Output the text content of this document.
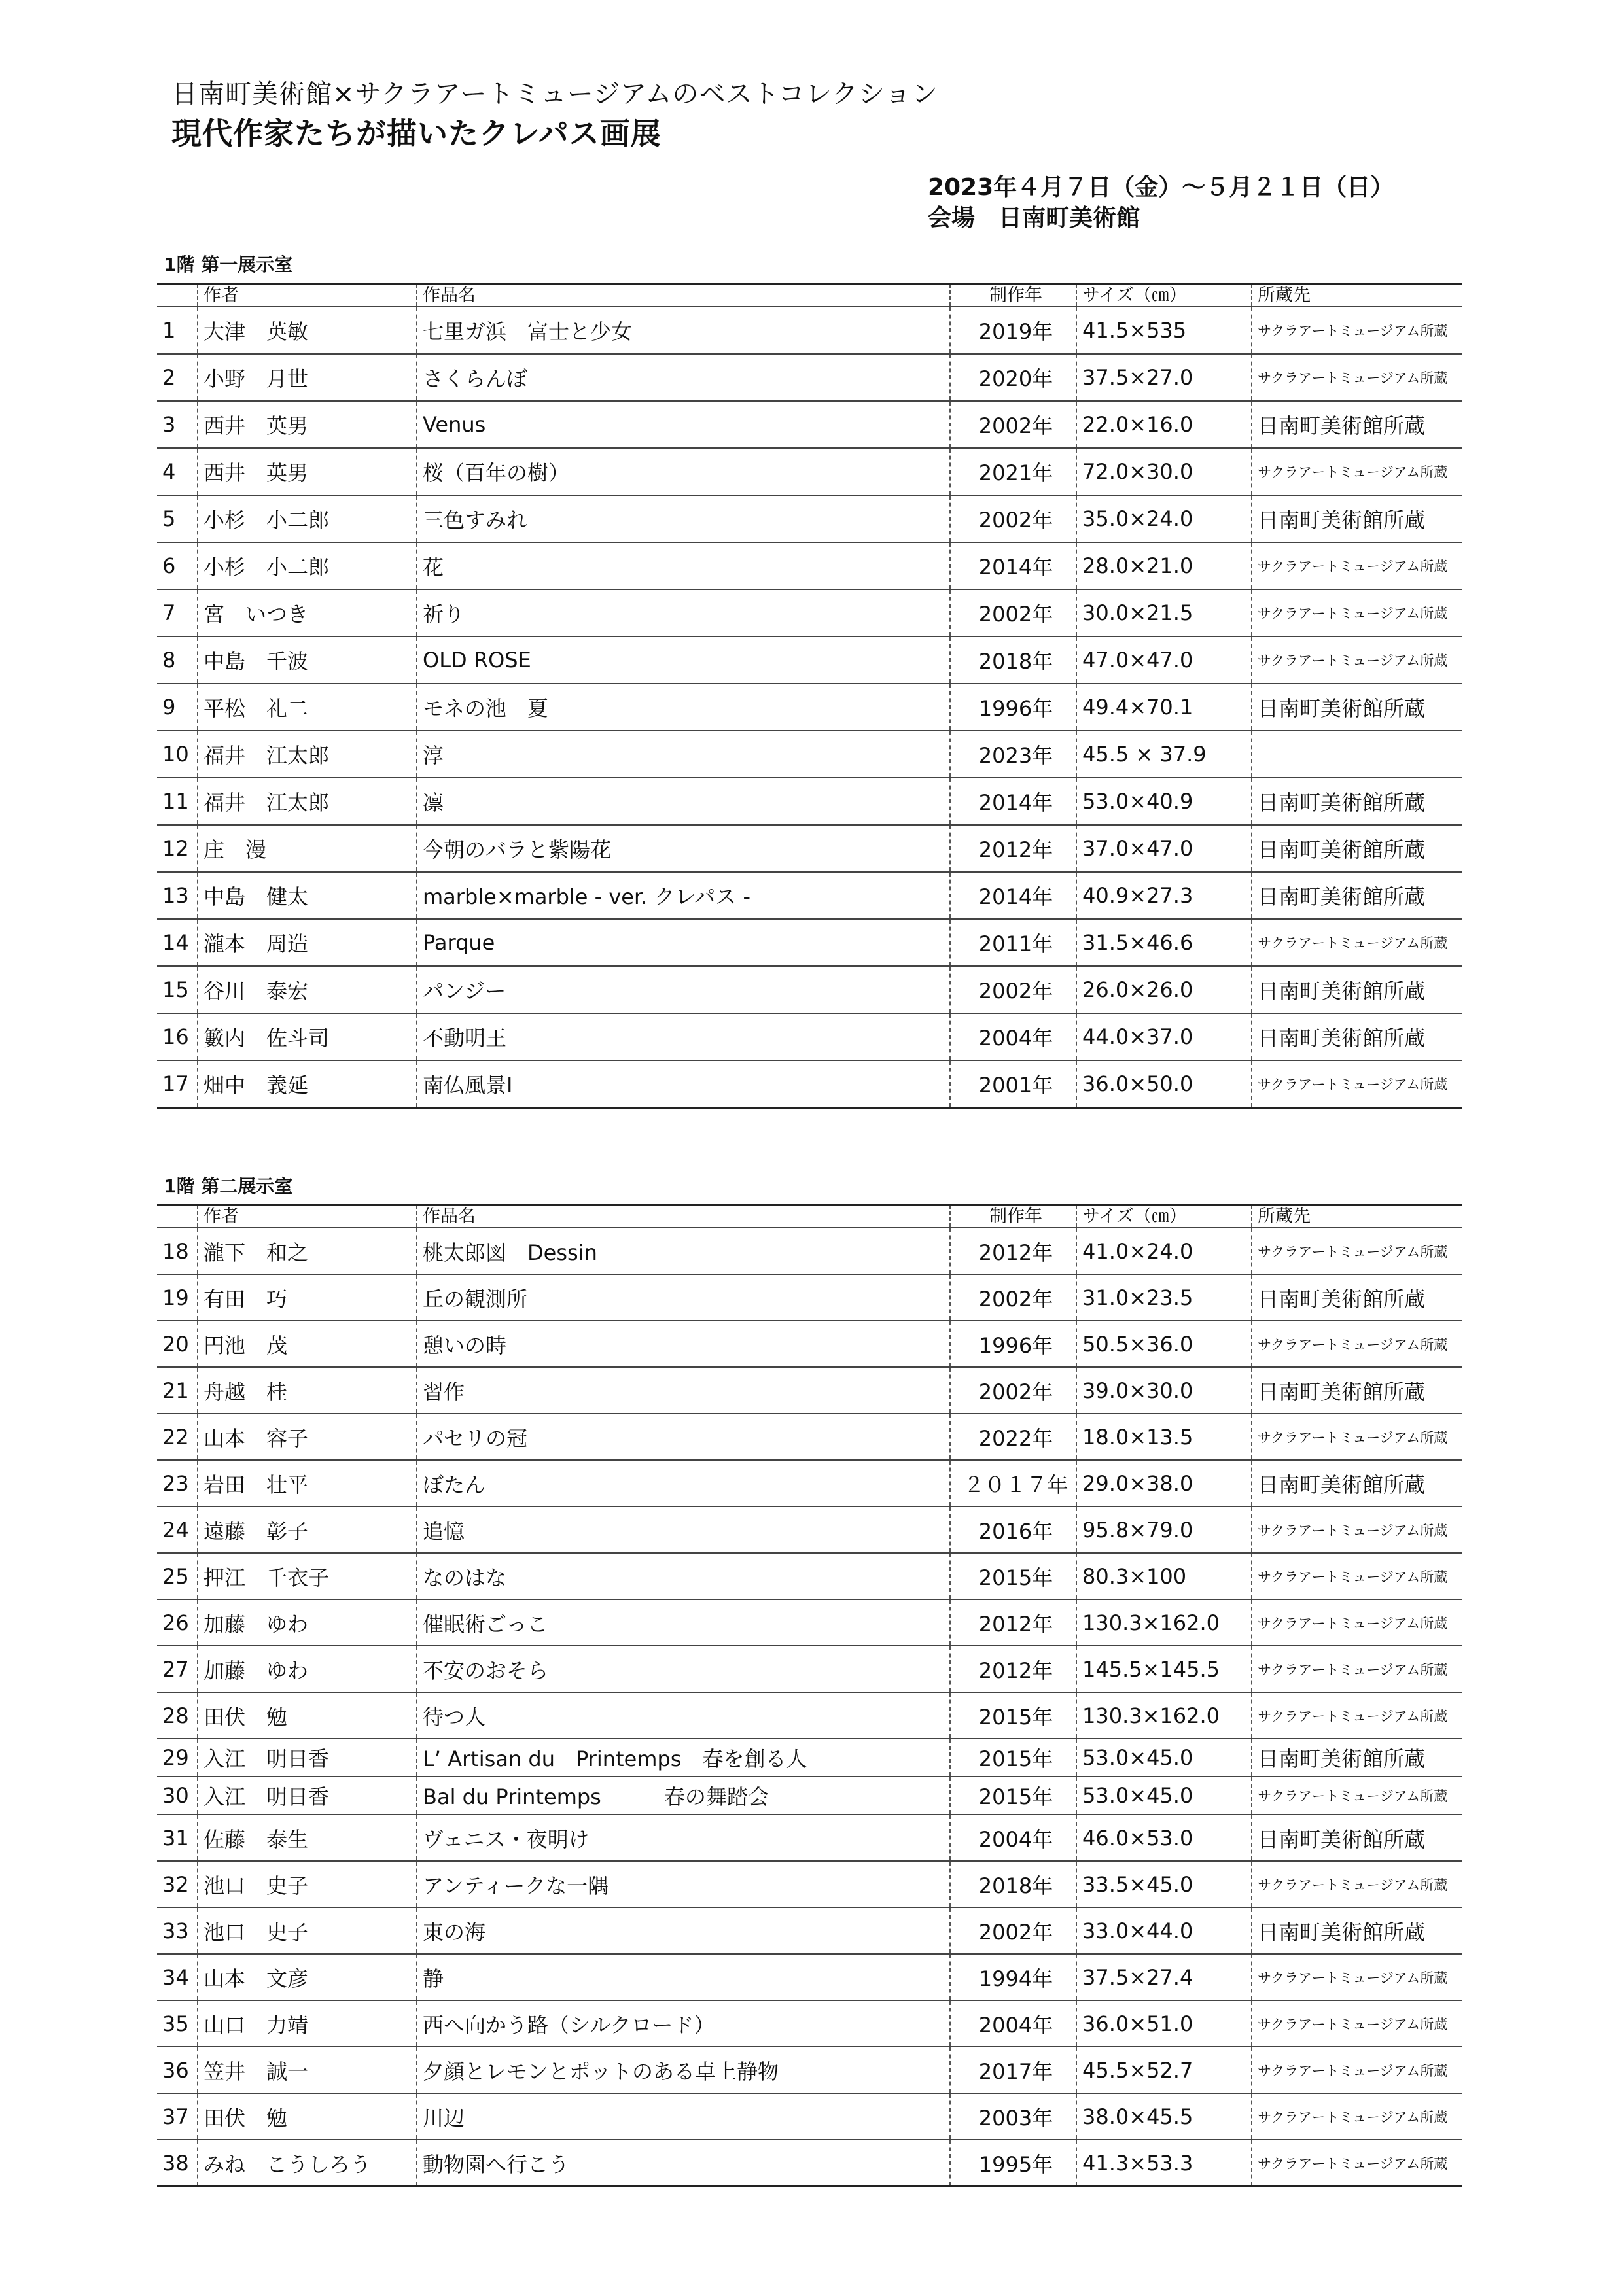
日南町美術館×サクラアートミュージアムのベストコレクション
現代作家たちが描いたクレパス画展
2023年４月７日（金）～５月２１日（日）
会場　日南町美術館
1階 第一展示室
	作者	作品名	制作年	サイズ（㎝）	所蔵先
1	大津　英敏	七里ガ浜　富士と少女	2019年	41.5×535	サクラアートミュージアム所蔵
2	小野　月世	さくらんぼ	2020年	37.5×27.0	サクラアートミュージアム所蔵
3	西井　英男	Venus	2002年	22.0×16.0	日南町美術館所蔵
4	西井　英男	桜（百年の樹）	2021年	72.0×30.0	サクラアートミュージアム所蔵
5	小杉　小二郎	三色すみれ	2002年	35.0×24.0	日南町美術館所蔵
6	小杉　小二郎	花	2014年	28.0×21.0	サクラアートミュージアム所蔵
7	宮　いつき	祈り	2002年	30.0×21.5	サクラアートミュージアム所蔵
8	中島　千波	OLD ROSE	2018年	47.0×47.0	サクラアートミュージアム所蔵
9	平松　礼二	モネの池　夏	1996年	49.4×70.1	日南町美術館所蔵
10	福井　江太郎	淳	2023年	45.5 × 37.9	
11	福井　江太郎	凛	2014年	53.0×40.9	日南町美術館所蔵
12	庄　漫	今朝のバラと紫陽花	2012年	37.0×47.0	日南町美術館所蔵
13	中島　健太	marble×marble - ver. クレパス -	2014年	40.9×27.3	日南町美術館所蔵
14	瀧本　周造	Parque	2011年	31.5×46.6	サクラアートミュージアム所蔵
15	谷川　泰宏	パンジー	2002年	26.0×26.0	日南町美術館所蔵
16	籔内　佐斗司	不動明王	2004年	44.0×37.0	日南町美術館所蔵
17	畑中　義延	南仏風景Ⅰ	2001年	36.0×50.0	サクラアートミュージアム所蔵
1階 第二展示室
	作者	作品名	制作年	サイズ（㎝）	所蔵先
18	瀧下　和之	桃太郎図　Dessin	2012年	41.0×24.0	サクラアートミュージアム所蔵
19	有田　巧	丘の観測所	2002年	31.0×23.5	日南町美術館所蔵
20	円池　茂	憩いの時	1996年	50.5×36.0	サクラアートミュージアム所蔵
21	舟越　桂	習作	2002年	39.0×30.0	日南町美術館所蔵
22	山本　容子	パセリの冠	2022年	18.0×13.5	サクラアートミュージアム所蔵
23	岩田　壮平	ぼたん	２０１７年	29.0×38.0	日南町美術館所蔵
24	遠藤　彰子	追憶	2016年	95.8×79.0	サクラアートミュージアム所蔵
25	押江　千衣子	なのはな	2015年	80.3×100	サクラアートミュージアム所蔵
26	加藤　ゆわ	催眠術ごっこ	2012年	130.3×162.0	サクラアートミュージアム所蔵
27	加藤　ゆわ	不安のおそら	2012年	145.5×145.5	サクラアートミュージアム所蔵
28	田伏　勉	待つ人	2015年	130.3×162.0	サクラアートミュージアム所蔵
29	入江　明日香	L’ Artisan du　Printemps　春を創る人	2015年	53.0×45.0	日南町美術館所蔵
30	入江　明日香	Bal du Printemps　　　春の舞踏会	2015年	53.0×45.0	サクラアートミュージアム所蔵
31	佐藤　泰生	ヴェニス・夜明け	2004年	46.0×53.0	日南町美術館所蔵
32	池口　史子	アンティークな一隅	2018年	33.5×45.0	サクラアートミュージアム所蔵
33	池口　史子	東の海	2002年	33.0×44.0	日南町美術館所蔵
34	山本　文彦	静	1994年	37.5×27.4	サクラアートミュージアム所蔵
35	山口　力靖	西へ向かう路（シルクロード）	2004年	36.0×51.0	サクラアートミュージアム所蔵
36	笠井　誠一	夕顔とレモンとポットのある卓上静物	2017年	45.5×52.7	サクラアートミュージアム所蔵
37	田伏　勉	川辺	2003年	38.0×45.5	サクラアートミュージアム所蔵
38	みね　こうしろう	動物園へ行こう	1995年	41.3×53.3	サクラアートミュージアム所蔵
